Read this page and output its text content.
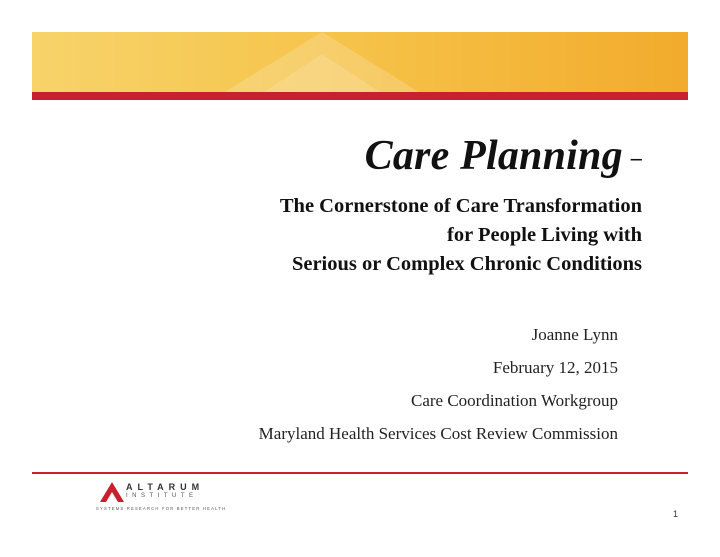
Care Planning –
The Cornerstone of Care Transformation
for People Living with
Serious or Complex Chronic Conditions
Joanne Lynn
February 12, 2015
Care Coordination Workgroup
Maryland Health Services Cost Review Commission
ALTARUM
INSTITUTE
SYSTEMS RESEARCH FOR BETTER HEALTH
1
